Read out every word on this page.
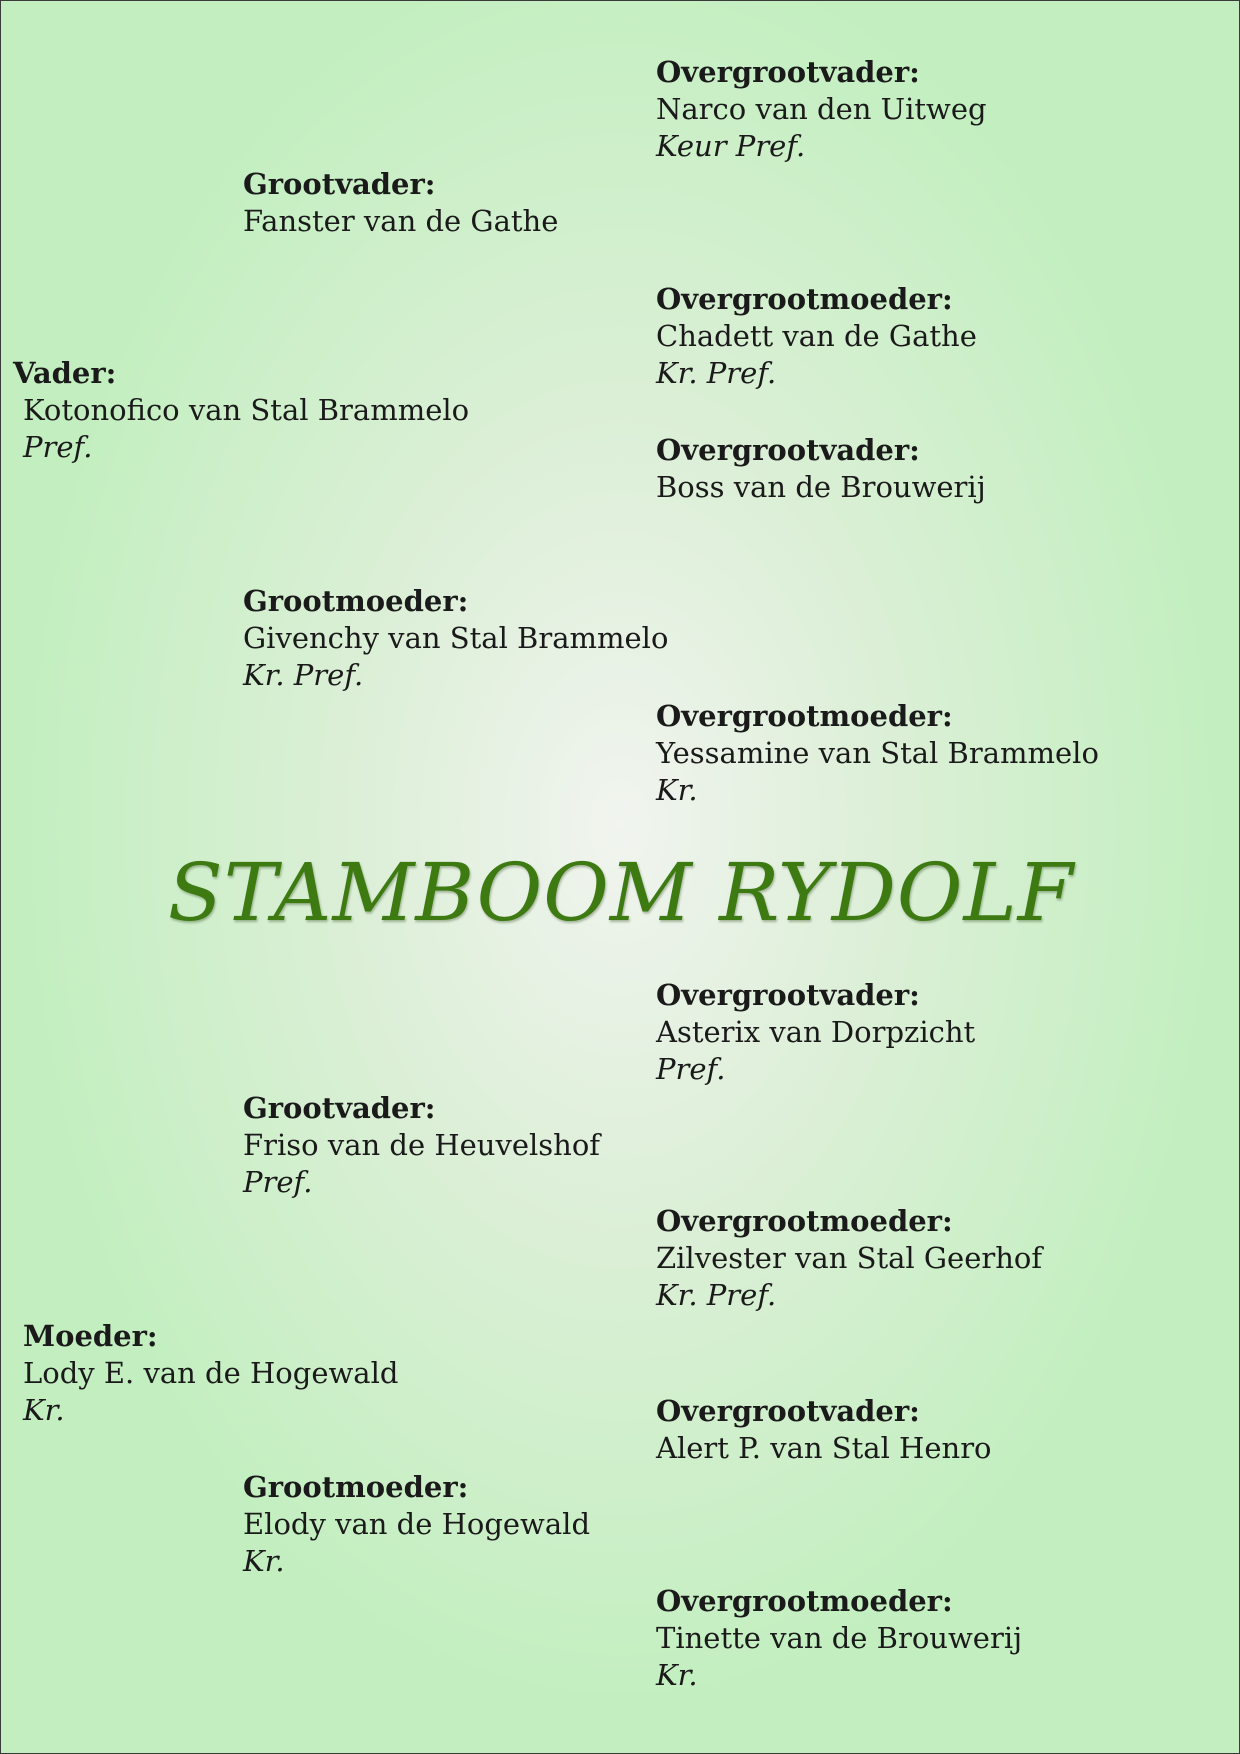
Overgrootvader:
Narco van den Uitweg
Keur Pref.
Grootvader:
Fanster van de Gathe
Overgrootmoeder:
Chadett van de Gathe
Kr. Pref.
Vader:
Kotonofico van Stal Brammelo
Pref.	Overgrootvader:
Boss van de Brouwerij
Grootmoeder:
Givenchy van Stal Brammelo
Kr. Pref.
Overgrootmoeder:
Yessamine van Stal Brammelo
Kr.
STAMBOOM RYDOLF
Overgrootvader:
Asterix van Dorpzicht
Pref.
Grootvader:
Friso van de Heuvelshof
Pref.
Overgrootmoeder:
Zilvester van Stal Geerhof
Kr. Pref.
Moeder:
Lody E. van de Hogewald
Kr.	Overgrootvader:
Alert P. van Stal Henro
Grootmoeder:
Elody van de Hogewald
Kr.
Overgrootmoeder:
Tinette van de Brouwerij
Kr.
